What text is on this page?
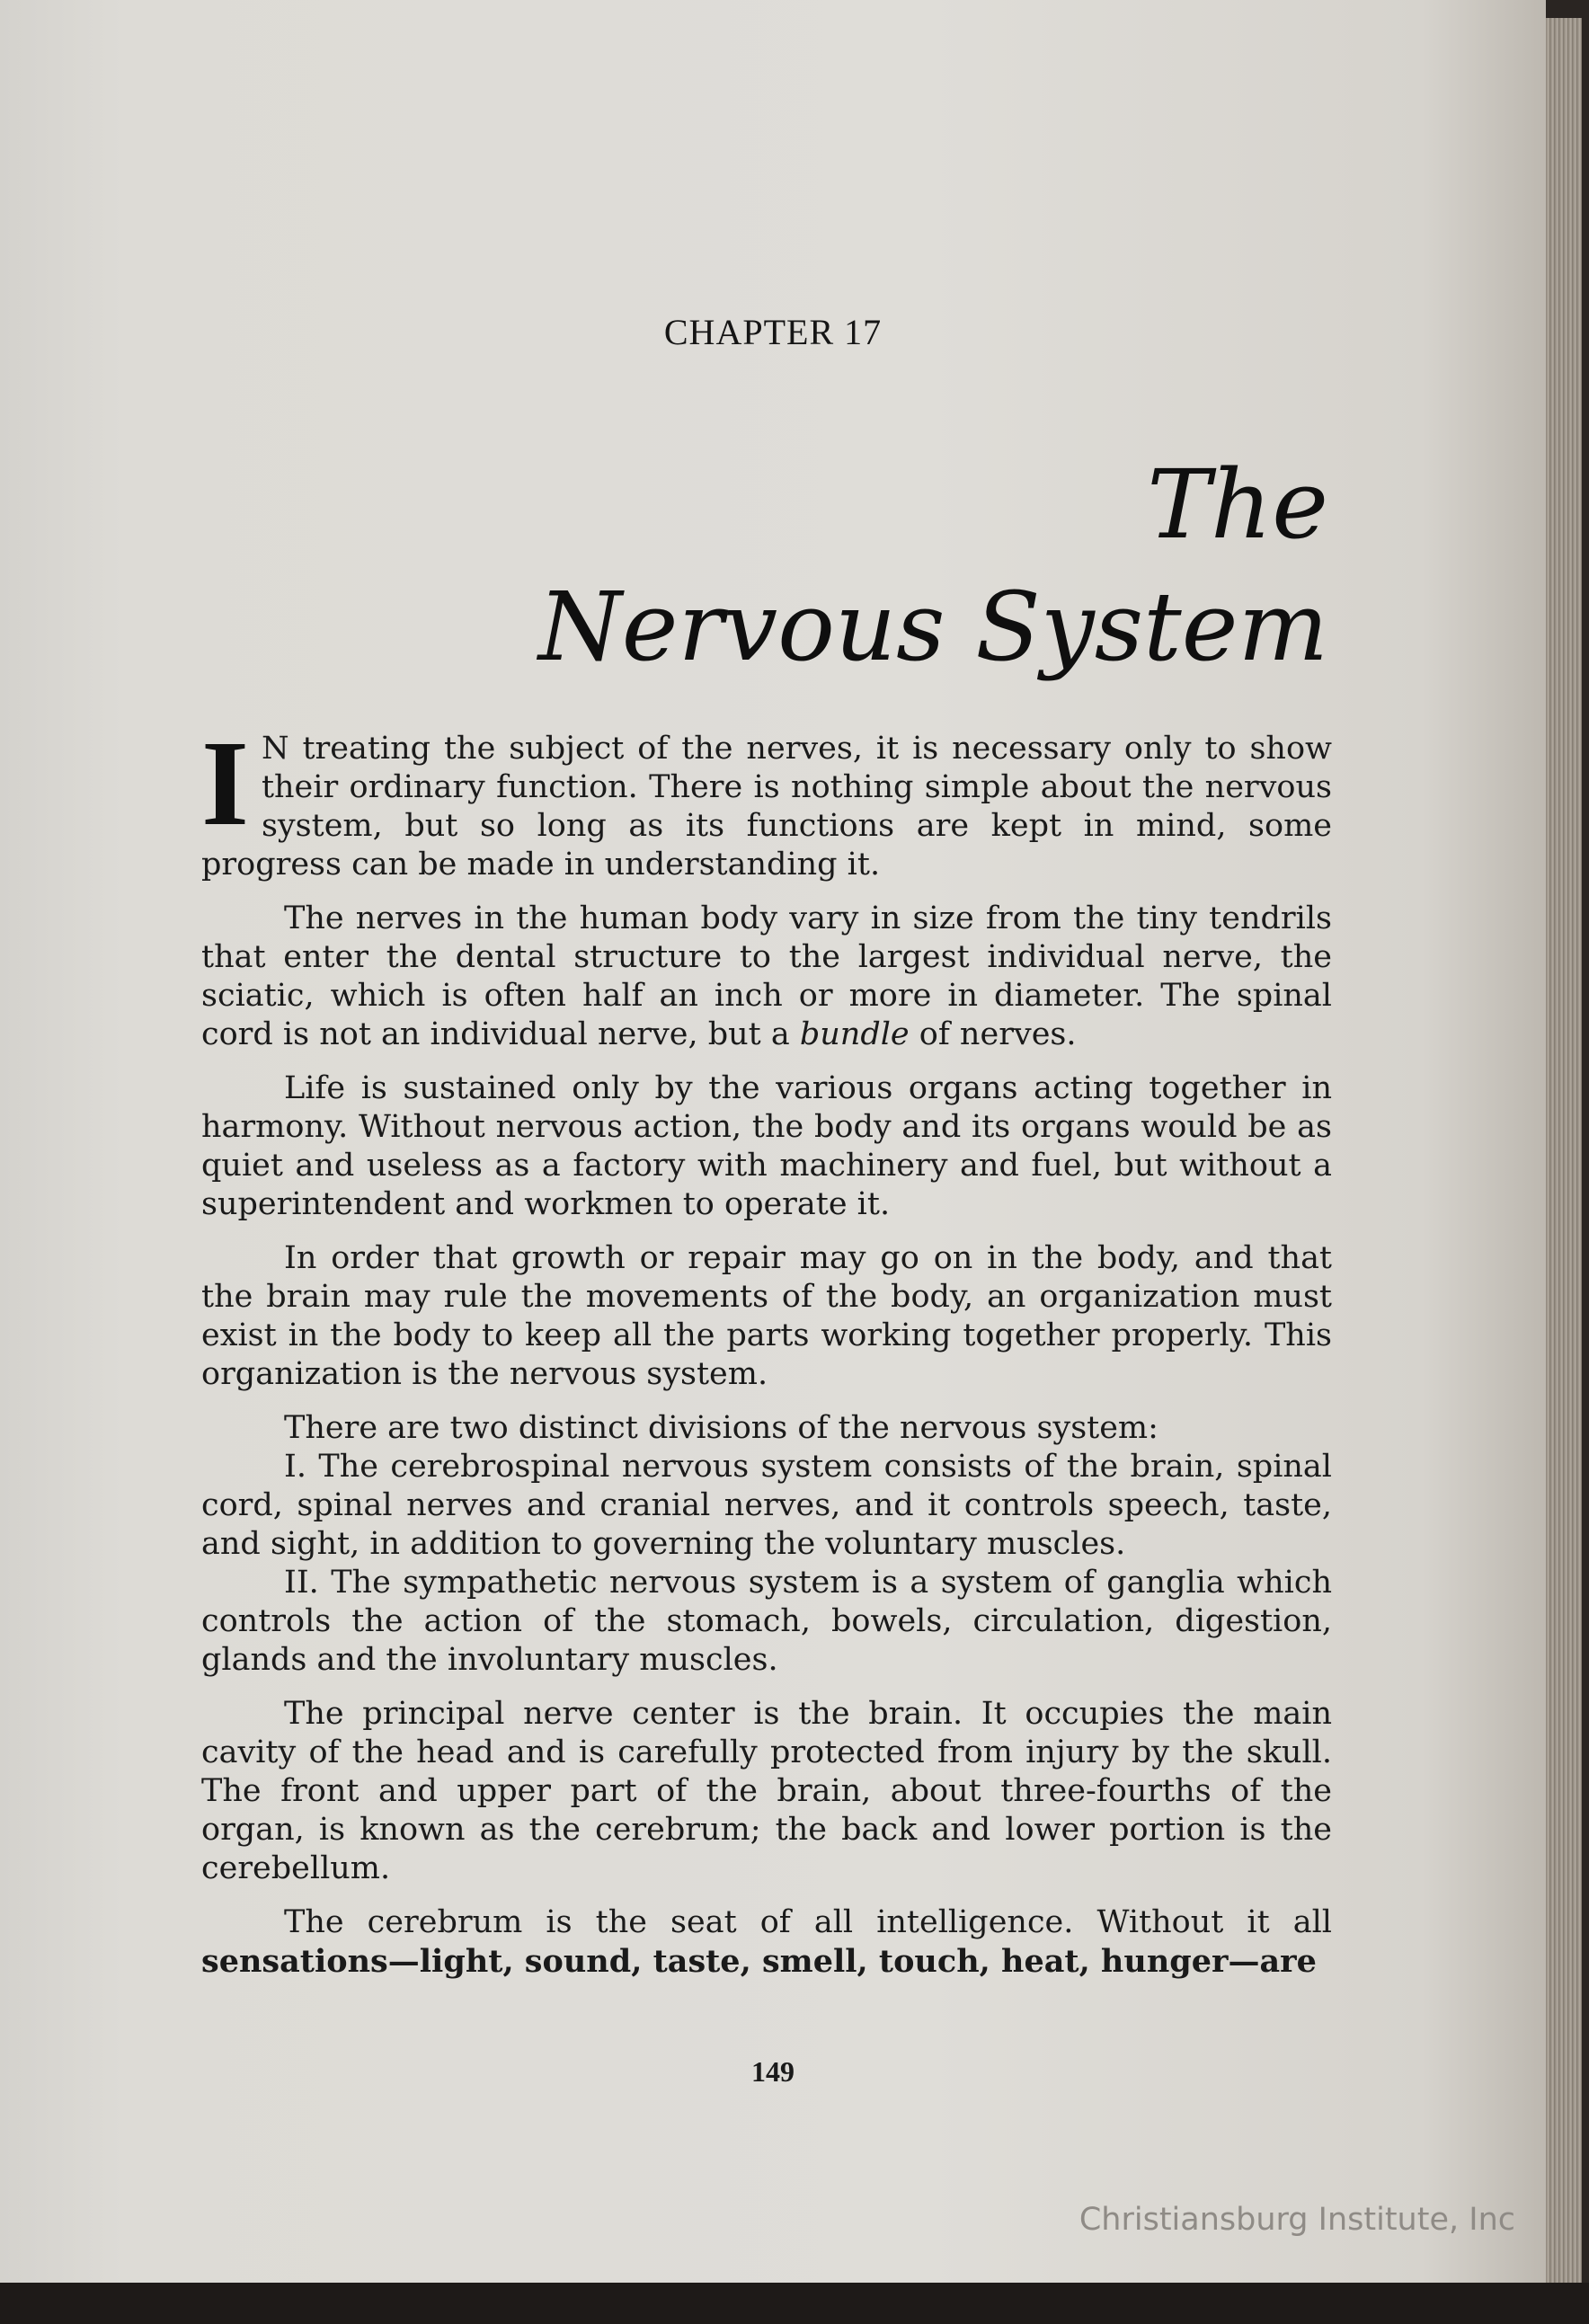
CHAPTER 17
The
Nervous System

I N treating the subject of the nerves, it is necessary only to show their ordinary function. There is nothing simple about the nervous system, but so long as its functions are kept in mind, some progress can be made in understanding it.

The nerves in the human body vary in size from the tiny tendrils that enter the dental structure to the largest individual nerve, the sciatic, which is often half an inch or more in diameter. The spinal cord is not an individual nerve, but a bundle of nerves.

Life is sustained only by the various organs acting together in harmony. Without nervous action, the body and its organs would be as quiet and useless as a factory with machinery and fuel, but without a superintendent and workmen to operate it.

In order that growth or repair may go on in the body, and that the brain may rule the movements of the body, an organization must exist in the body to keep all the parts working together properly. This organization is the nervous system.

There are two distinct divisions of the nervous system:

I. The cerebrospinal nervous system consists of the brain, spinal cord, spinal nerves and cranial nerves, and it controls speech, taste, and sight, in addition to governing the voluntary muscles.

II. The sympathetic nervous system is a system of ganglia which controls the action of the stomach, bowels, circulation, digestion, glands and the involuntary muscles.

The principal nerve center is the brain. It occupies the main cavity of the head and is carefully protected from injury by the skull. The front and upper part of the brain, about three-fourths of the organ, is known as the cerebrum; the back and lower portion is the cerebellum.

The cerebrum is the seat of all intelligence. Without it all sensations—light, sound, taste, smell, touch, heat, hunger—are

149
Christiansburg Institute, Inc
